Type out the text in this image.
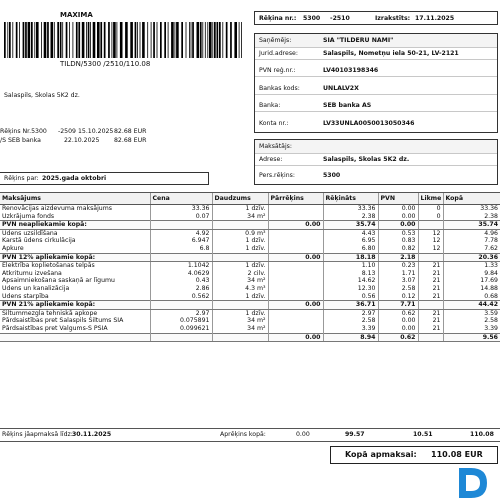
MAXIMA
TILDN/5300 /2510/110.08
Salaspils, Skolas 5K2 dz.
Rēķins Nr.5300 -2509 15.10.2025 82.68 EUR
/S SEB banka	22.10.2025 82.68 EUR
Rēķins par: 2025.gada oktobri
Rēķina nr.: 5300 -2510	Izrakstīts: 17.11.2025
Saņēmējs:	SIA "TILDERU NAMI"
Jurid.adrese:	Salaspils, Nometņu iela 50-21, LV-2121
PVN reģ.nr.:	LV40103198346
Bankas kods:	UNLALV2X
Banka:	SEB banka AS
Konta nr.:	LV33UNLA0050013050346
Maksātājs:
Adrese:	Salaspils, Skolas 5K2 dz.
Pers.rēķins:	5300
Maksājums	Cena	Daudzums	Pārrēķins	Rēķināts	PVN	Likme	Kopā
Renovācijas aizdevuma maksājums	33.36	1 dzīv.		33.36	0.00	0	33.36
Uzkrājuma fonds	0.07	34 m²		2.38	0.00	0	2.38
PVN neapliekamie kopā:			0.00	35.74	0.00		35.74
Ūdens uzsildīšana	4.92	0.9 m³		4.43	0.53	12	4.96
Karstā ūdens cirkulācija	6.947	1 dzīv.		6.95	0.83	12	7.78
Apkure	6.8	1 dzīv.		6.80	0.82	12	7.62
PVN 12% apliekamie kopā:			0.00	18.18	2.18		20.36
Elektrība koplietošanas telpās	1.1042	1 dzīv.		1.10	0.23	21	1.33
Atkritumu izvešana	4.0629	2 cilv.		8.13	1.71	21	9.84
Apsaimniekošana saskaņā ar līgumu	0.43	34 m²		14.62	3.07	21	17.69
Ūdens un kanalizācija	2.86	4.3 m³		12.30	2.58	21	14.88
Ūdens starpība	0.562	1 dzīv.		0.56	0.12	21	0.68
PVN 21% apliekamie kopā:			0.00	36.71	7.71		44.42
Siltummezgla tehniskā apkope	2.97	1 dzīv.		2.97	0.62	21	3.59
Pārdsaistības pret Salaspils Siltums SIA	0.075891	34 m²		2.58	0.00	21	2.58
Pārdsaistības pret Valgums-S PSIA	0.099621	34 m²		3.39	0.00	21	3.39
			0.00	8.94	0.62		9.56
Rēķins jāapmaksā līdz: 30.11.2025	Aprēķins kopā:	0.00	99.57	10.51	110.08
Kopā apmaksai: 110.08 EUR
